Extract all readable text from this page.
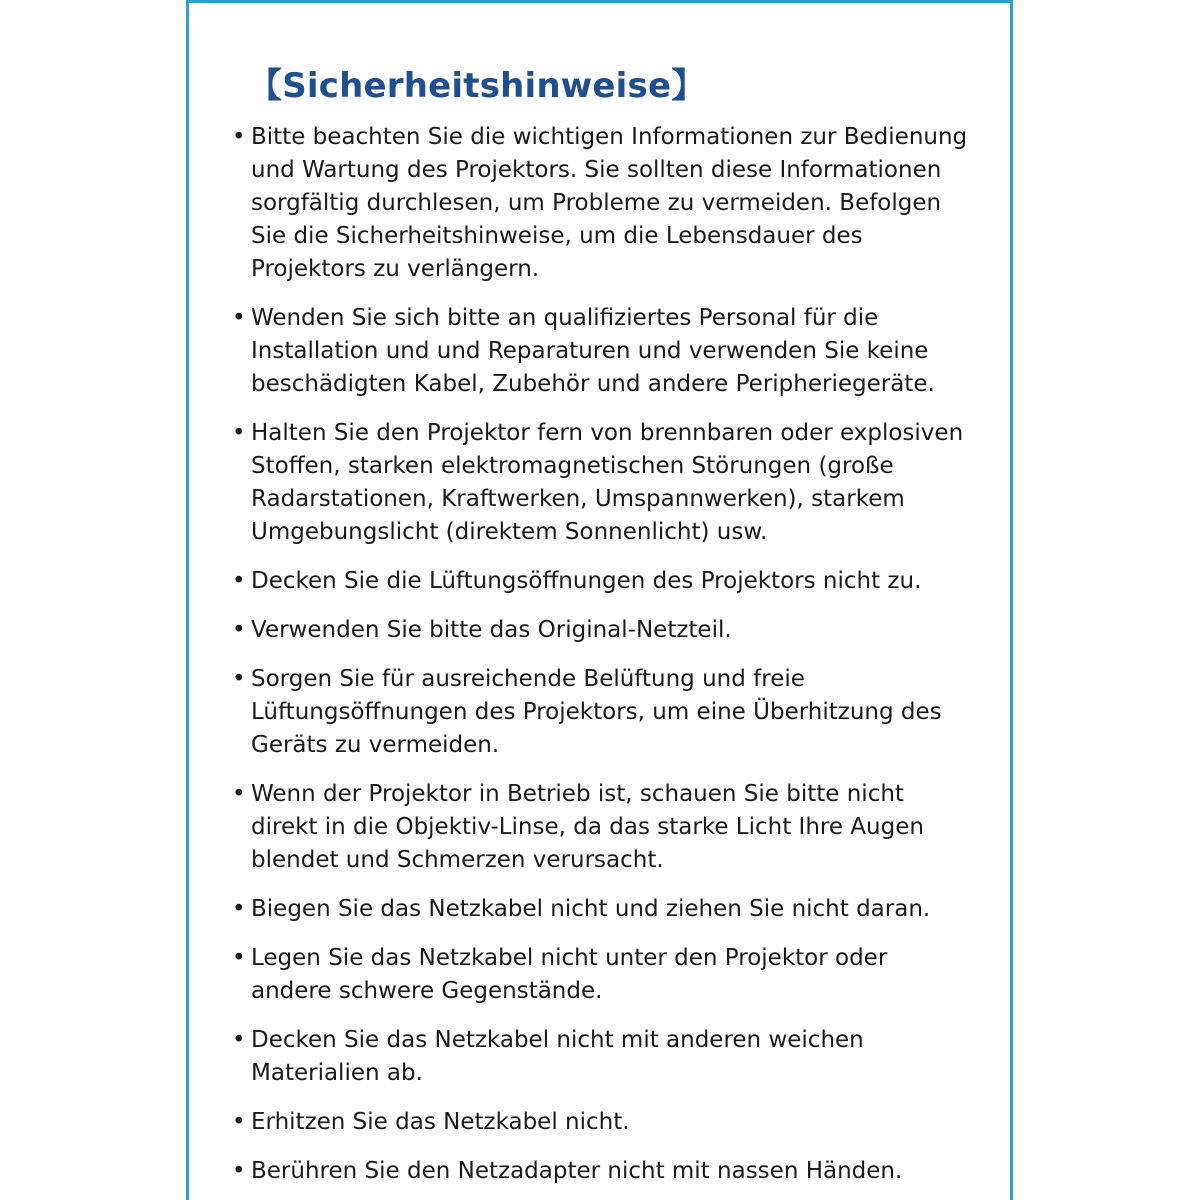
【Sicherheitshinweise】
• Bitte beachten Sie die wichtigen Informationen zur Bedienung und Wartung des Projektors. Sie sollten diese Informationen sorgfältig durchlesen, um Probleme zu vermeiden. Befolgen Sie die Sicherheitshinweise, um die Lebensdauer des Projektors zu verlängern.
• Wenden Sie sich bitte an qualifiziertes Personal für die Installation und und Reparaturen und verwenden Sie keine beschädigten Kabel, Zubehör und andere Peripheriegeräte.
• Halten Sie den Projektor fern von brennbaren oder explosiven Stoffen, starken elektromagnetischen Störungen (große Radarstationen, Kraftwerken, Umspannwerken), starkem Umgebungslicht (direktem Sonnenlicht) usw.
• Decken Sie die Lüftungsöffnungen des Projektors nicht zu.
• Verwenden Sie bitte das Original-Netzteil.
• Sorgen Sie für ausreichende Belüftung und freie Lüftungsöffnungen des Projektors, um eine Überhitzung des Geräts zu vermeiden.
• Wenn der Projektor in Betrieb ist, schauen Sie bitte nicht direkt in die Objektiv-Linse, da das starke Licht Ihre Augen blendet und Schmerzen verursacht.
• Biegen Sie das Netzkabel nicht und ziehen Sie nicht daran.
• Legen Sie das Netzkabel nicht unter den Projektor oder andere schwere Gegenstände.
• Decken Sie das Netzkabel nicht mit anderen weichen Materialien ab.
• Erhitzen Sie das Netzkabel nicht.
• Berühren Sie den Netzadapter nicht mit nassen Händen.
